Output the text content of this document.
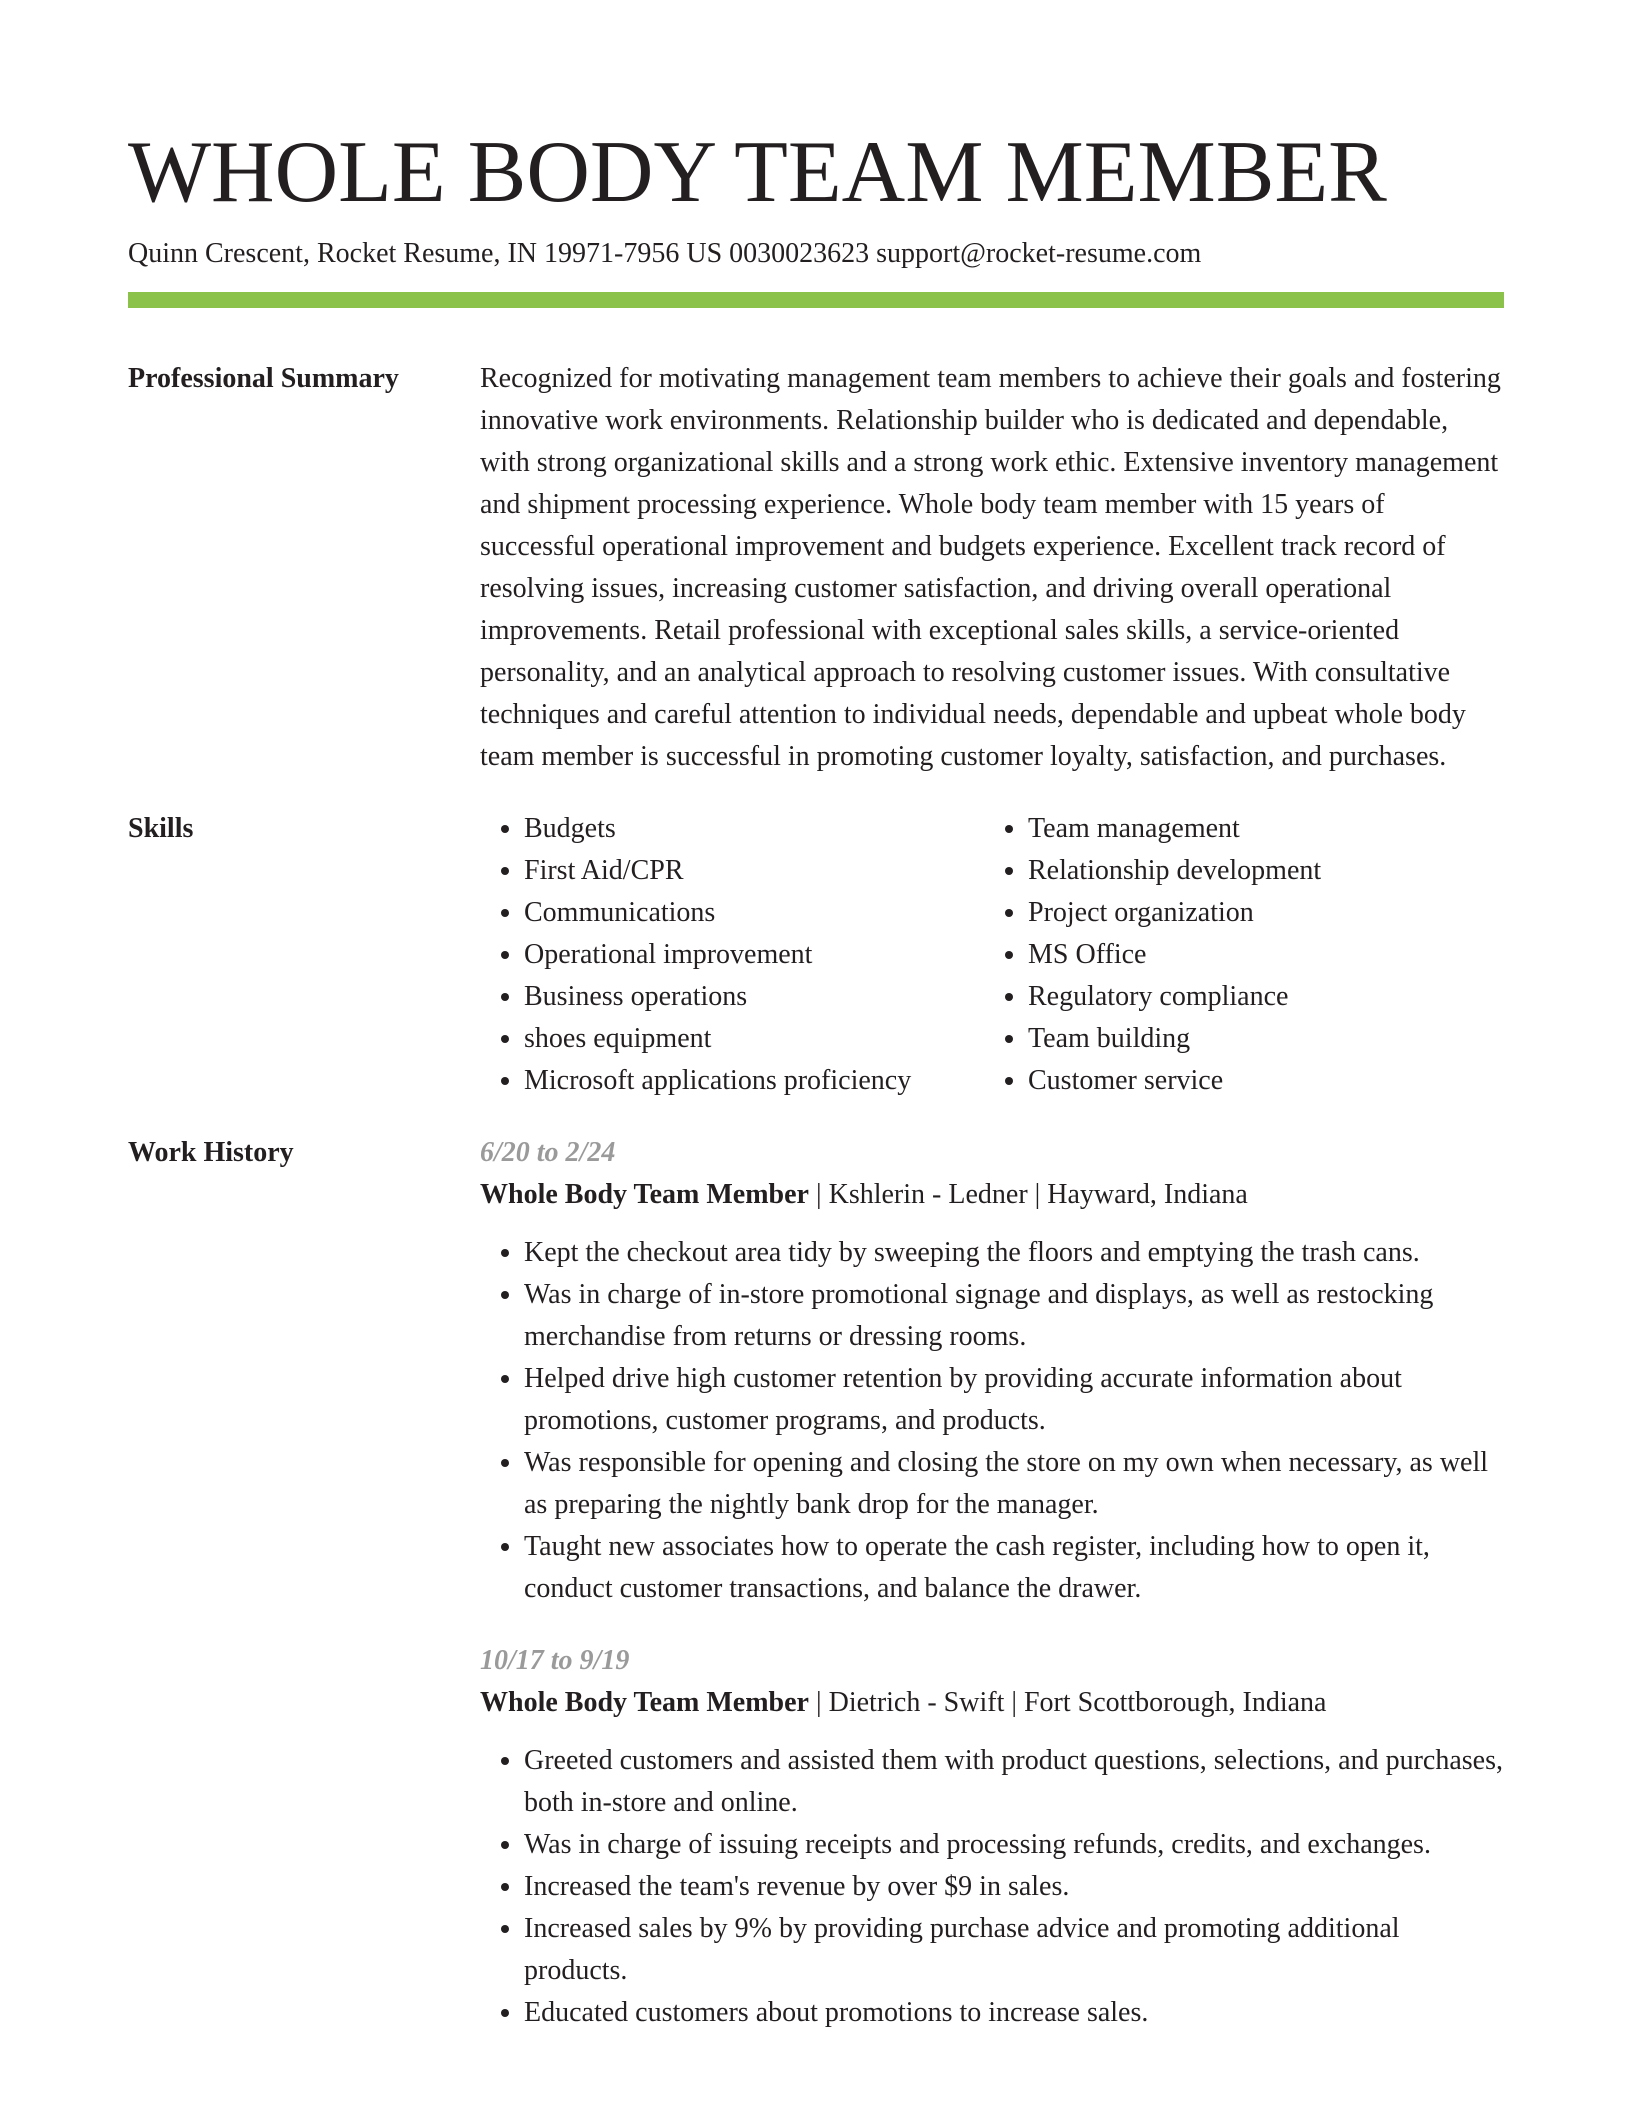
WHOLE BODY TEAM MEMBER
Quinn Crescent, Rocket Resume, IN 19971-7956 US 0030023623 support@rocket-resume.com
Professional Summary	Recognized for motivating management team members to achieve their goals and fostering innovative work environments. Relationship builder who is dedicated and dependable, with strong organizational skills and a strong work ethic. Extensive inventory management and shipment processing experience. Whole body team member with 15 years of successful operational improvement and budgets experience. Excellent track record of resolving issues, increasing customer satisfaction, and driving overall operational improvements. Retail professional with exceptional sales skills, a service-oriented personality, and an analytical approach to resolving customer issues. With consultative techniques and careful attention to individual needs, dependable and upbeat whole body team member is successful in promoting customer loyalty, satisfaction, and purchases.
Skills
•	Budgets
• First Aid/CPR
• Communications
• Operational improvement
• Business operations
• shoes equipment
• Microsoft applications proficiency
• Team management
• Relationship development
• Project organization
• MS Office
• Regulatory compliance
• Team building
• Customer service
Work History	6/20 to 2/24
Whole Body Team Member | Kshlerin - Ledner | Hayward, Indiana
• Kept the checkout area tidy by sweeping the floors and emptying the trash cans.
• Was in charge of in-store promotional signage and displays, as well as restocking merchandise from returns or dressing rooms.
• Helped drive high customer retention by providing accurate information about promotions, customer programs, and products.
• Was responsible for opening and closing the store on my own when necessary, as well as preparing the nightly bank drop for the manager.
• Taught new associates how to operate the cash register, including how to open it, conduct customer transactions, and balance the drawer.
10/17 to 9/19
Whole Body Team Member | Dietrich - Swift | Fort Scottborough, Indiana
• Greeted customers and assisted them with product questions, selections, and purchases, both in-store and online.
• Was in charge of issuing receipts and processing refunds, credits, and exchanges.
• Increased the team's revenue by over $9 in sales.
• Increased sales by 9% by providing purchase advice and promoting additional products.
• Educated customers about promotions to increase sales.
